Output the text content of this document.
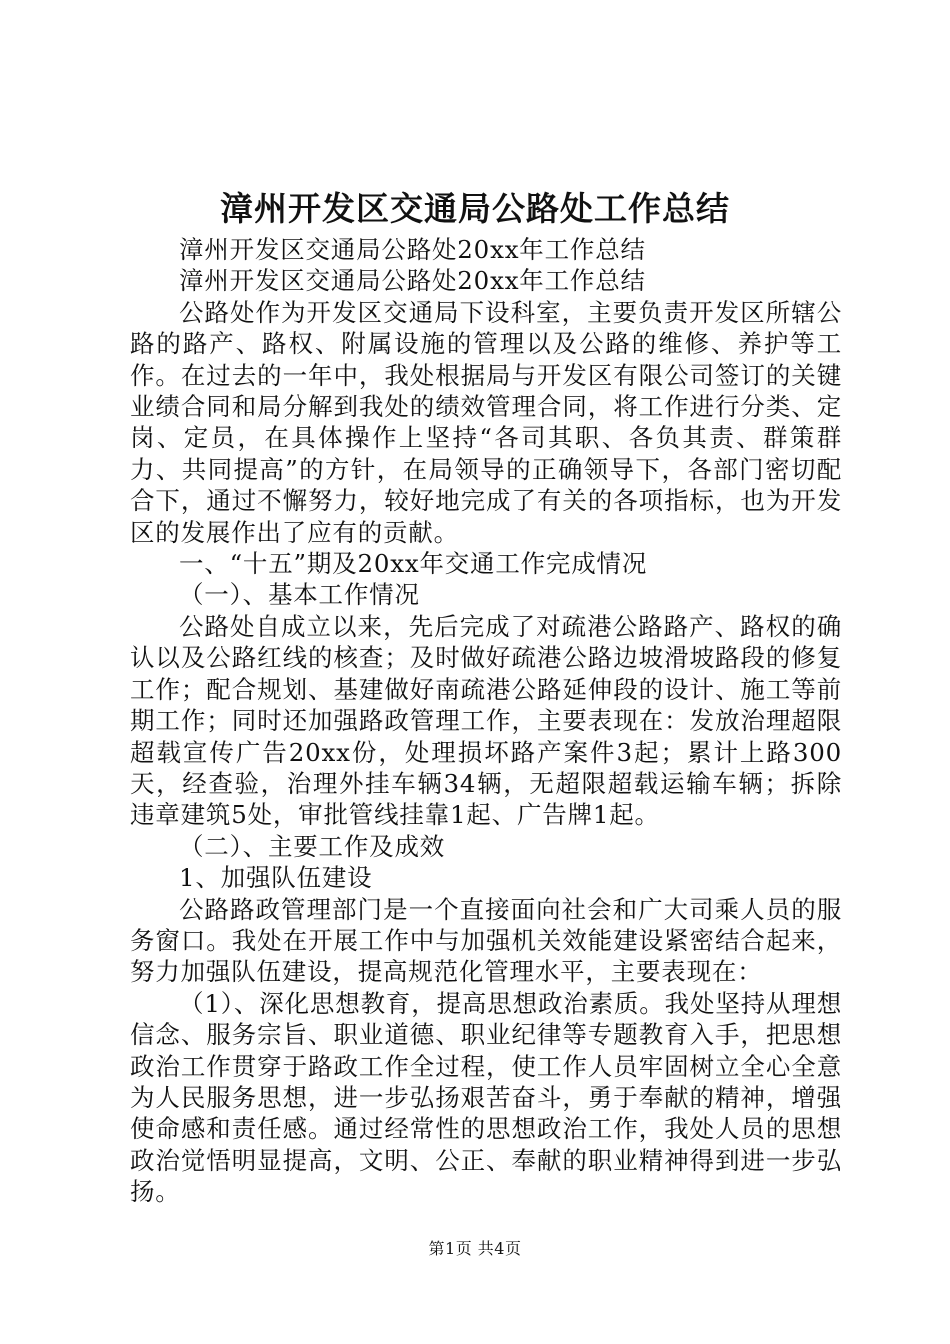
漳州开发区交通局公路处工作总结

漳州开发区交通局公路处20xx年工作总结

漳州开发区交通局公路处20xx年工作总结

公路处作为开发区交通局下设科室，主要负责开发区所辖公路的路产、路权、附属设施的管理以及公路的维修、养护等工作。在过去的一年中，我处根据局与开发区有限公司签订的关键业绩合同和局分解到我处的绩效管理合同，将工作进行分类、定岗、定员，在具体操作上坚持“各司其职、各负其责、群策群力、共同提高”的方针，在局领导的正确领导下，各部门密切配合下，通过不懈努力，较好地完成了有关的各项指标，也为开发区的发展作出了应有的贡献。

一、“十五”期及20xx年交通工作完成情况

（一）、基本工作情况

公路处自成立以来，先后完成了对疏港公路路产、路权的确认以及公路红线的核查；及时做好疏港公路边坡滑坡路段的修复工作；配合规划、基建做好南疏港公路延伸段的设计、施工等前期工作；同时还加强路政管理工作，主要表现在：发放治理超限超载宣传广告20xx份，处理损坏路产案件3起；累计上路300天，经查验，治理外挂车辆34辆，无超限超载运输车辆；拆除违章建筑5处，审批管线挂靠1起、广告牌1起。

（二）、主要工作及成效

1、加强队伍建设

公路路政管理部门是一个直接面向社会和广大司乘人员的服务窗口。我处在开展工作中与加强机关效能建设紧密结合起来，努力加强队伍建设，提高规范化管理水平，主要表现在：

（1）、深化思想教育，提高思想政治素质。我处坚持从理想信念、服务宗旨、职业道德、职业纪律等专题教育入手，把思想政治工作贯穿于路政工作全过程，使工作人员牢固树立全心全意为人民服务思想，进一步弘扬艰苦奋斗，勇于奉献的精神，增强使命感和责任感。通过经常性的思想政治工作，我处人员的思想政治觉悟明显提高，文明、公正、奉献的职业精神得到进一步弘扬。

第1页 共4页
